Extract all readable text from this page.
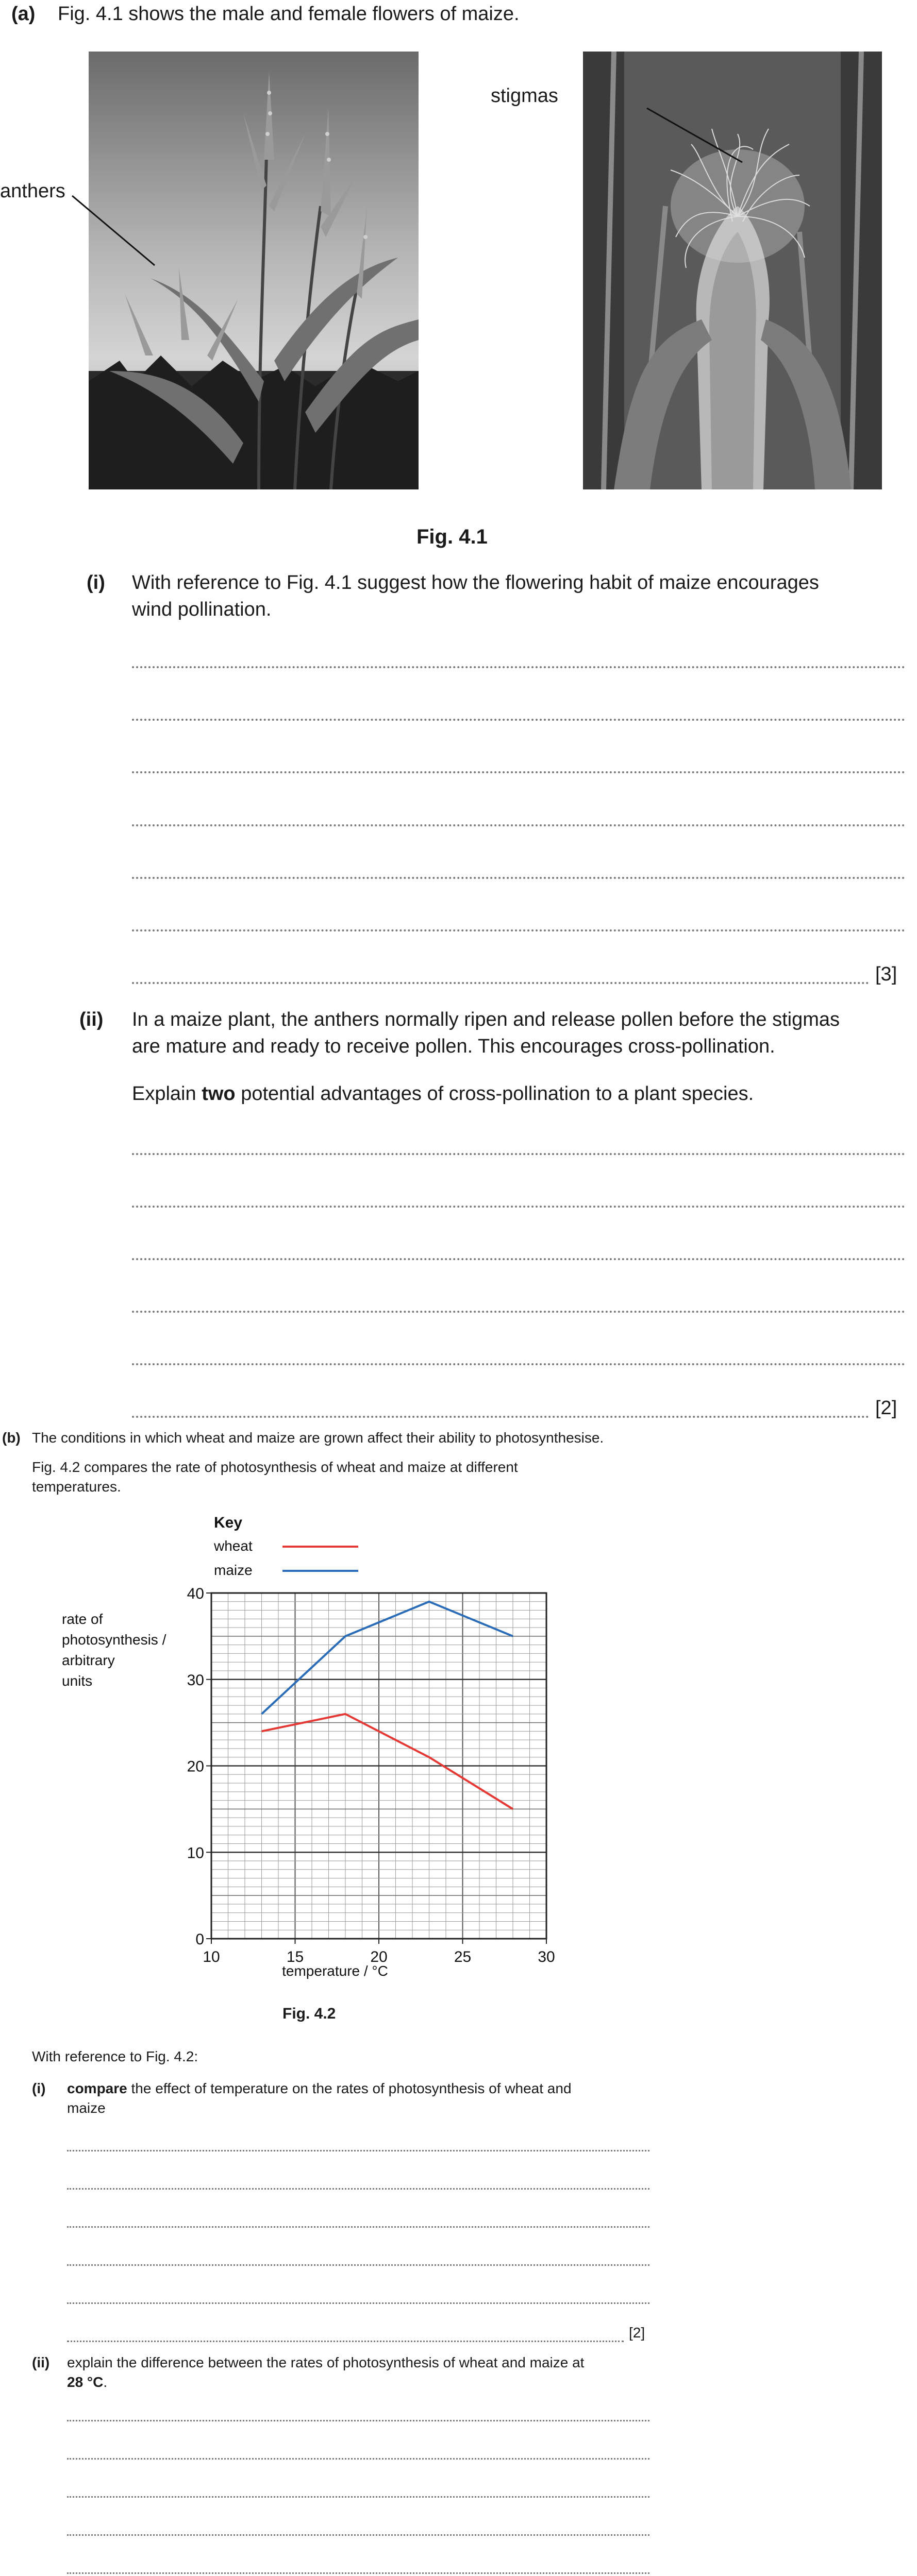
(a) Fig. 4.1 shows the male and female flowers of maize.
anthers
stigmas
Fig. 4.1
(i) With reference to Fig. 4.1 suggest how the flowering habit of maize encourages
wind pollination.
[3]
(ii) In a maize plant, the anthers normally ripen and release pollen before the stigmas
are mature and ready to receive pollen. This encourages cross-pollination.
Explain two potential advantages of cross-pollination to a plant species.
[2]
(b) The conditions in which wheat and maize are grown affect their ability to photosynthesise.
Fig. 4.2 compares the rate of photosynthesis of wheat and maize at different
temperatures.
Key
wheat
maize
rate of
photosynthesis /
arbitrary
units
10	15	20	25	30
0
10
20
30
40
temperature / °C
Fig. 4.2
With reference to Fig. 4.2:
(i) compare the effect of temperature on the rates of photosynthesis of wheat and
maize
[2]
(ii) explain the difference between the rates of photosynthesis of wheat and maize at
28 °C.
